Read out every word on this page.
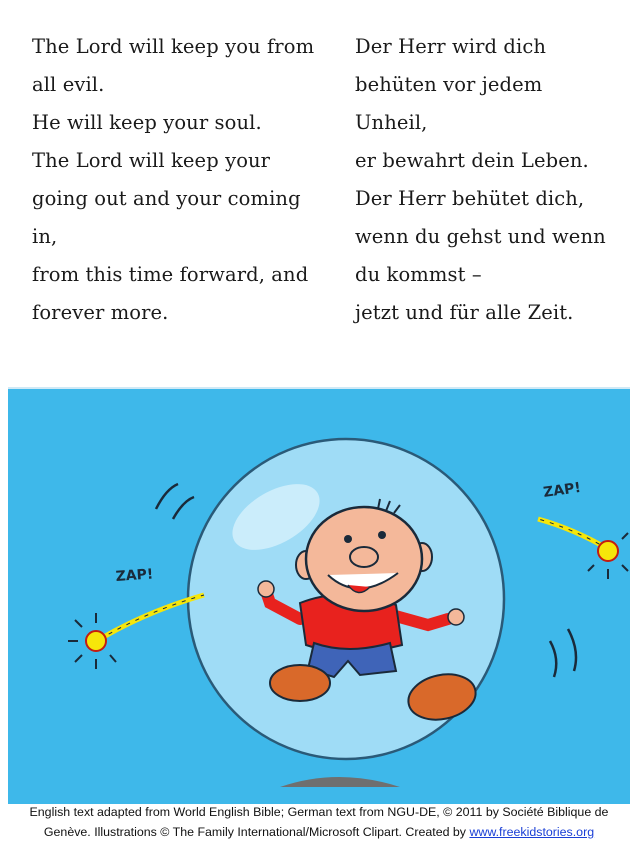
The Lord will keep you from
all evil.
He will keep your soul.
The Lord will keep your
going out and your coming
in,
from this time forward, and
forever more.
Der Herr wird dich
behüten vor jedem
Unheil,
er bewahrt dein Leben.
Der Herr behütet dich,
wenn du gehst und wenn
du kommst –
jetzt und für alle Zeit.
ZAP!
ZAP!
English text adapted from World English Bible; German text from NGU-DE, © 2011 by Société Biblique de
Genève. Illustrations © The Family International/Microsoft Clipart. Created by www.freekidstories.org
